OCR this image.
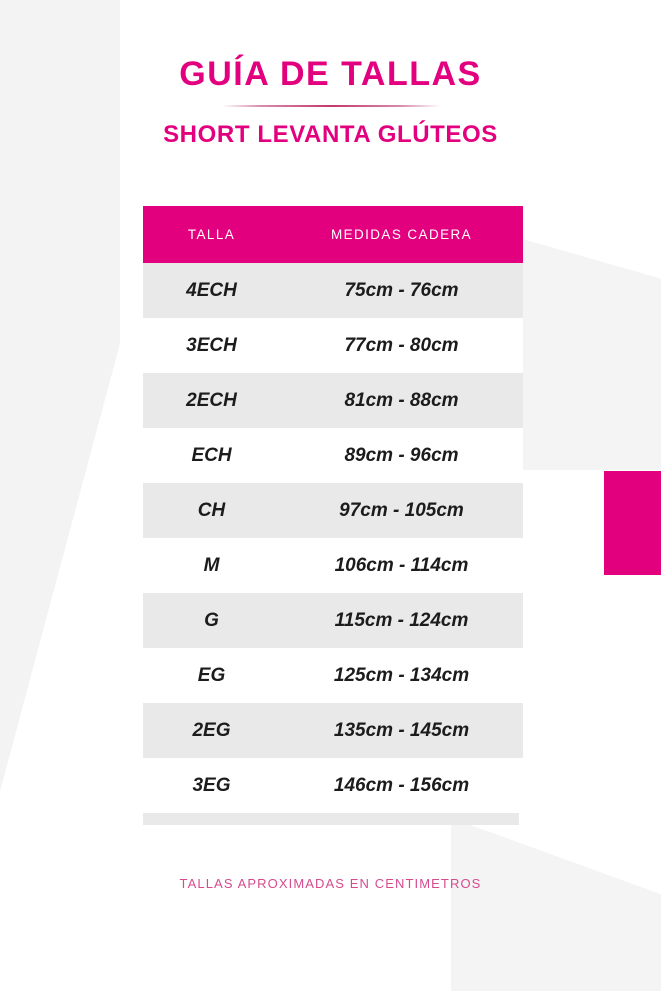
GUÍA DE TALLAS
SHORT LEVANTA GLÚTEOS
TALLA	MEDIDAS CADERA
4ECH	75cm - 76cm
3ECH	77cm - 80cm
2ECH	81cm - 88cm
ECH	89cm - 96cm
CH	97cm - 105cm
M	106cm - 114cm
G	115cm - 124cm
EG	125cm - 134cm
2EG	135cm - 145cm
3EG	146cm - 156cm
TALLAS APROXIMADAS EN CENTIMETROS
